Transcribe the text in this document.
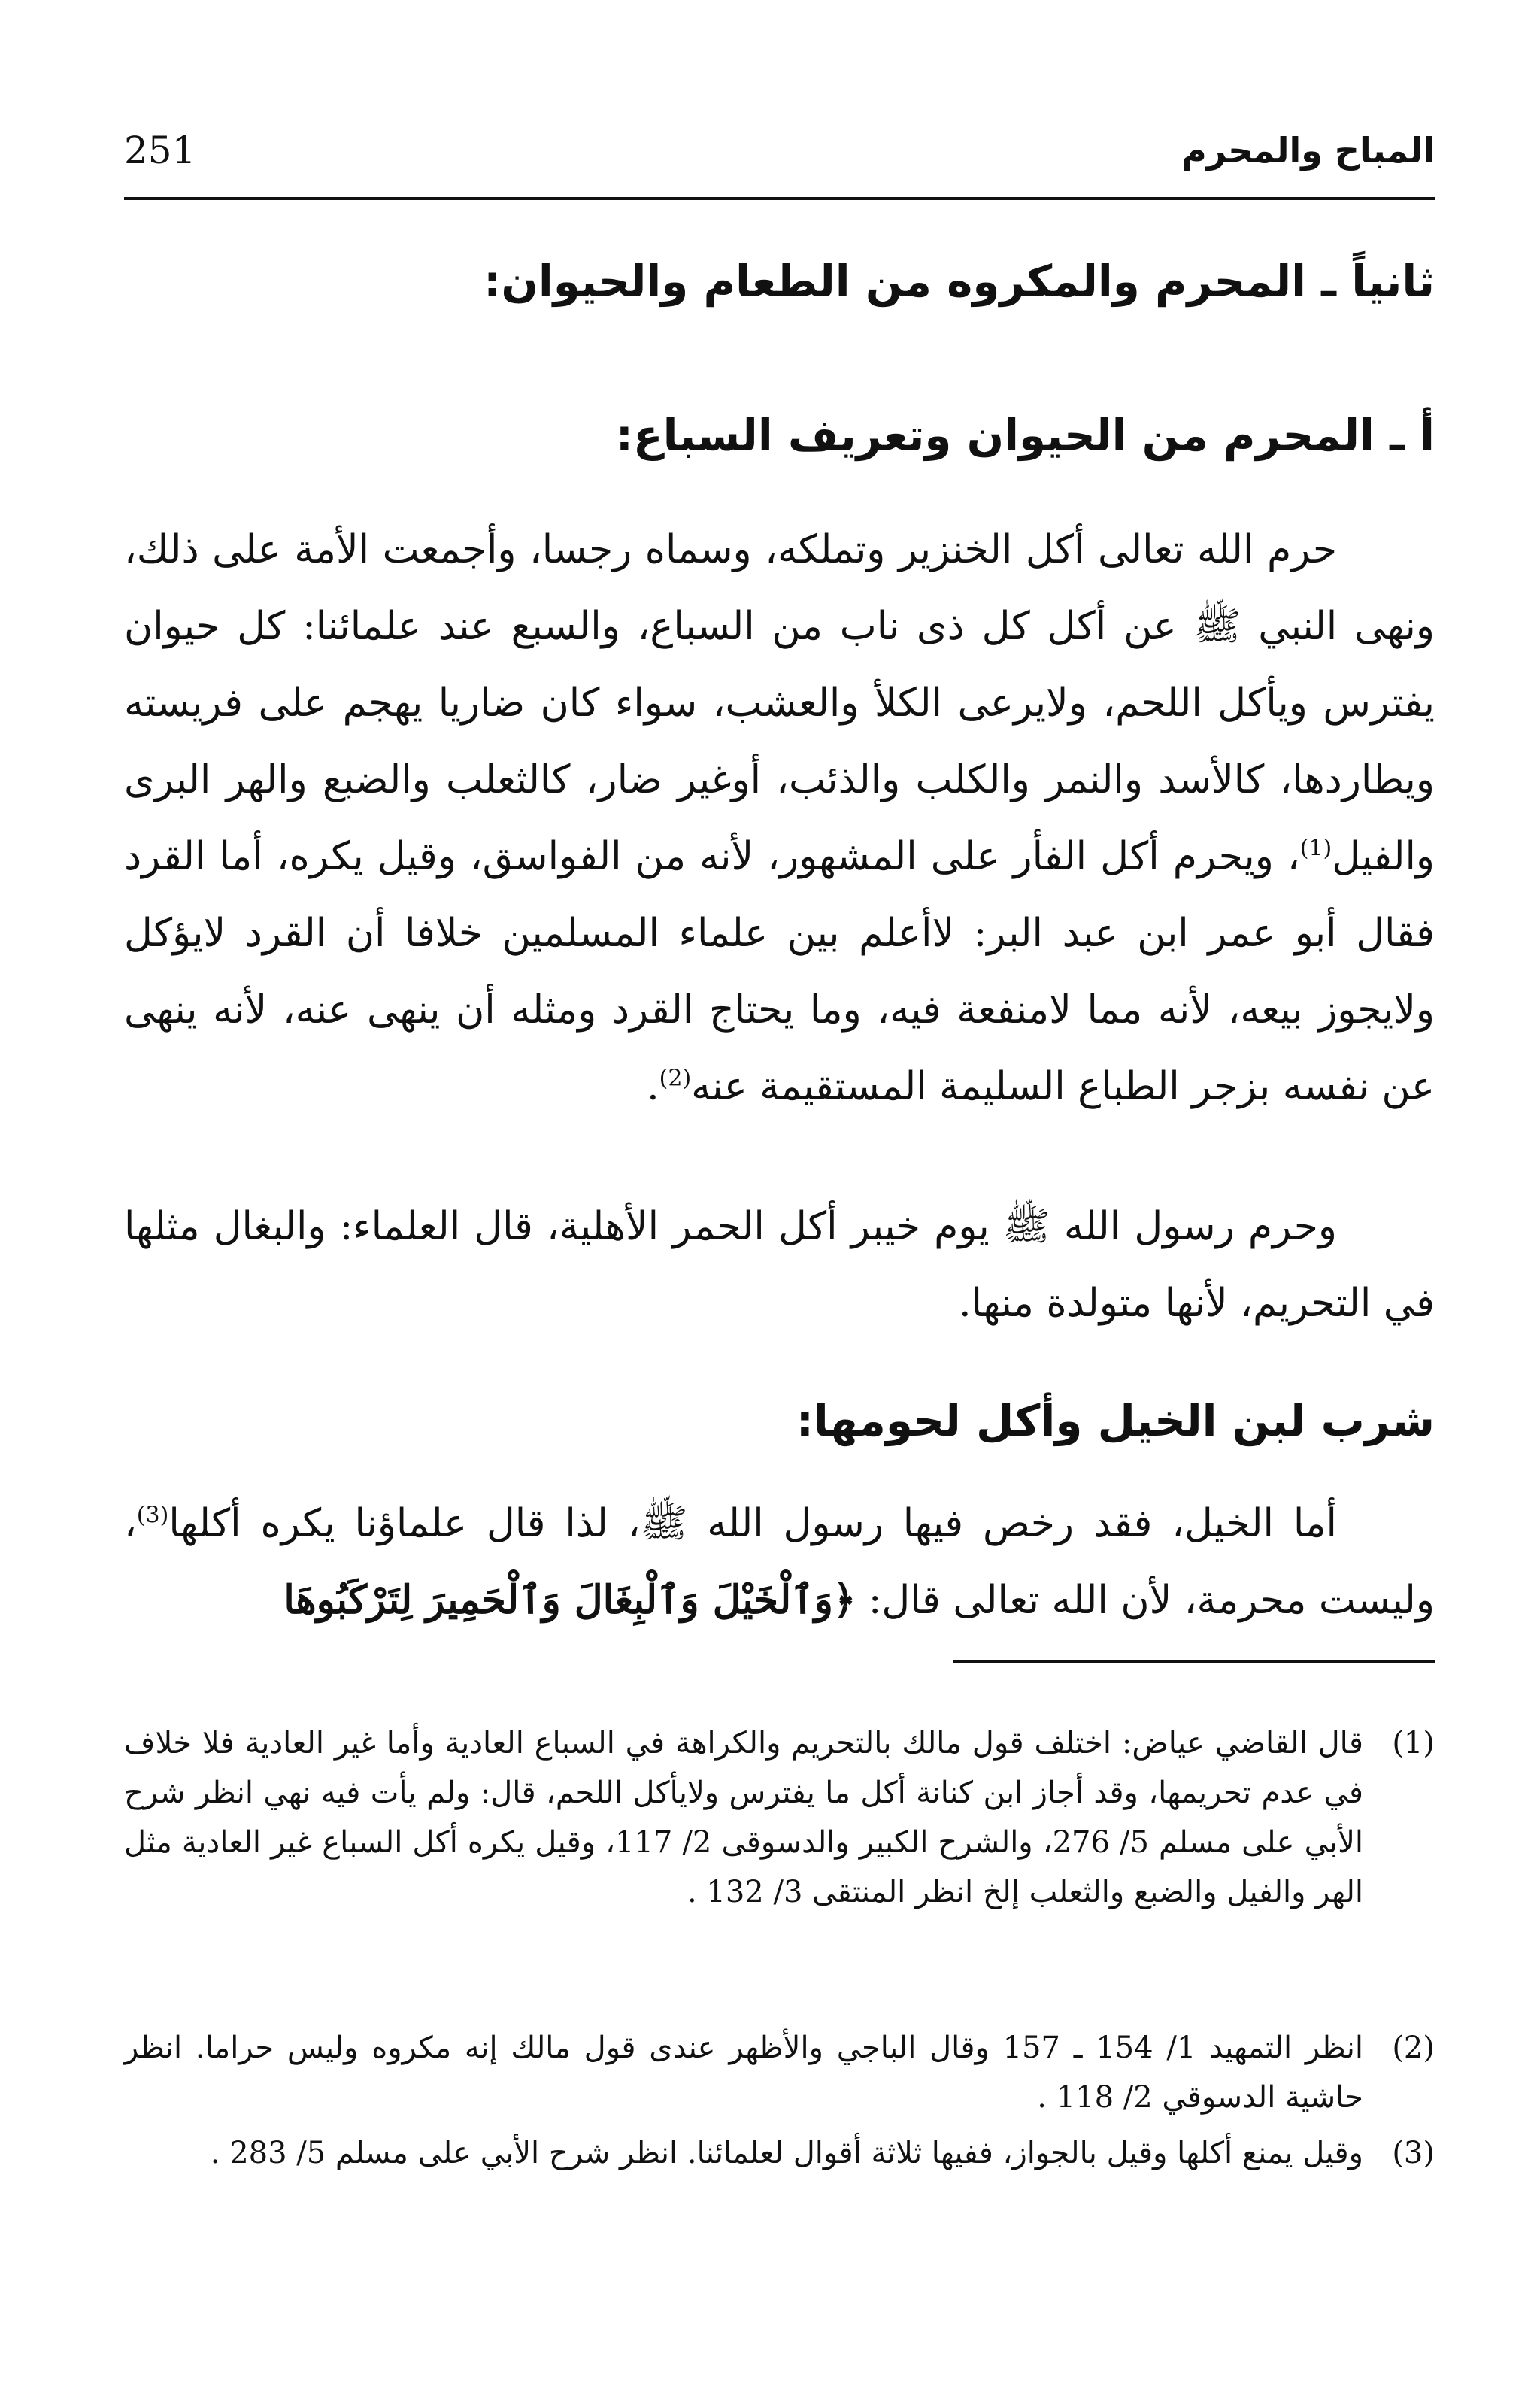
المباح والمحرم
251
ثانياً ـ المحرم والمكروه من الطعام والحيوان:
أ ـ المحرم من الحيوان وتعريف السباع:
حرم الله تعالى أكل الخنزير وتملكه، وسماه رجسا، وأجمعت الأمة على ذلك، ونهى النبي ﷺ عن أكل كل ذى ناب من السباع، والسبع عند علمائنا: كل حيوان يفترس ويأكل اللحم، ولايرعى الكلأ والعشب، سواء كان ضاريا يهجم على فريسته ويطاردها، كالأسد والنمر والكلب والذئب، أوغير ضار، كالثعلب والضبع والهر البرى والفيل$^{(1)}$، ويحرم أكل الفأر على المشهور، لأنه من الفواسق، وقيل يكره، أما القرد فقال أبو عمر ابن عبد البر: لاأعلم بين علماء المسلمين خلافا أن القرد لايؤكل ولايجوز بيعه، لأنه مما لامنفعة فيه، وما يحتاج القرد ومثله أن ينهى عنه، لأنه ينهى عن نفسه بزجر الطباع السليمة المستقيمة عنه$^{(2)}$.
وحرم رسول الله ﷺ يوم خيبر أكل الحمر الأهلية، قال العلماء: والبغال مثلها في التحريم، لأنها متولدة منها.
شرب لبن الخيل وأكل لحومها:
أما الخيل، فقد رخص فيها رسول الله ﷺ، لذا قال علماؤنا يكره أكلها$^{(3)}$، وليست محرمة، لأن الله تعالى قال: ﴿وَٱلْخَيْلَ وَٱلْبِغَالَ وَٱلْحَمِيرَ لِتَرْكَبُوهَا
(1)
قال القاضي عياض: اختلف قول مالك بالتحريم والكراهة في السباع العادية وأما غير العادية فلا خلاف في عدم تحريمها، وقد أجاز ابن كنانة أكل ما يفترس ولايأكل اللحم، قال: ولم يأت فيه نهي انظر شرح الأبي على مسلم 5/ 276، والشرح الكبير والدسوقى 2/ 117، وقيل يكره أكل السباع غير العادية مثل الهر والفيل والضبع والثعلب إلخ انظر المنتقى 3/ 132 .
(2)
انظر التمهيد 1/ 154 ـ 157 وقال الباجي والأظهر عندى قول مالك إنه مكروه وليس حراما. انظر حاشية الدسوقي 2/ 118 .
(3)
وقيل يمنع أكلها وقيل بالجواز، ففيها ثلاثة أقوال لعلمائنا. انظر شرح الأبي على مسلم 5/ 283 .
